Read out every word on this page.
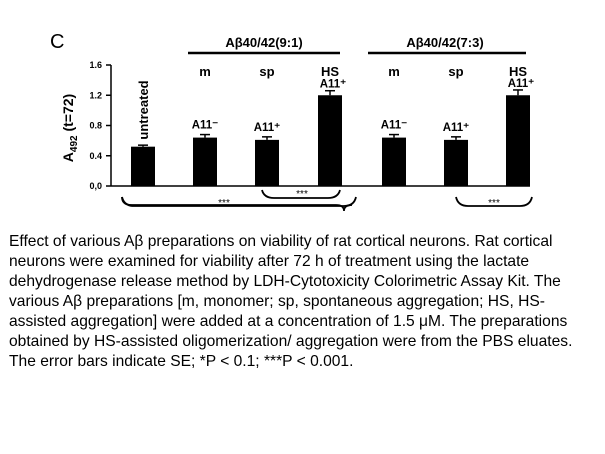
C	Aβ40/42(9:1)	Aβ40/42(7:3)
$A_{492}$ (t=72)
0,0
0.4
0.8
1.2
1.6	m
A11⁻
sp
A11⁺
HS
A11⁺
m
A11⁻
sp
A11⁺
HS
A11⁺
untreated
***
***
***
Effect of various Aβ preparations on viability of rat cortical neurons. Rat cortical neurons were examined for viability after 72 h of treatment using the lactate dehydrogenase release method by LDH-Cytotoxicity Colorimetric Assay Kit. The various Aβ preparations [m, monomer; sp, spontaneous aggregation; HS, HS-assisted aggregation] were added at a concentration of 1.5 μM. The preparations obtained by HS-assisted oligomerization/ aggregation were from the PBS eluates. The error bars indicate SE; *P < 0.1; ***P < 0.001.
